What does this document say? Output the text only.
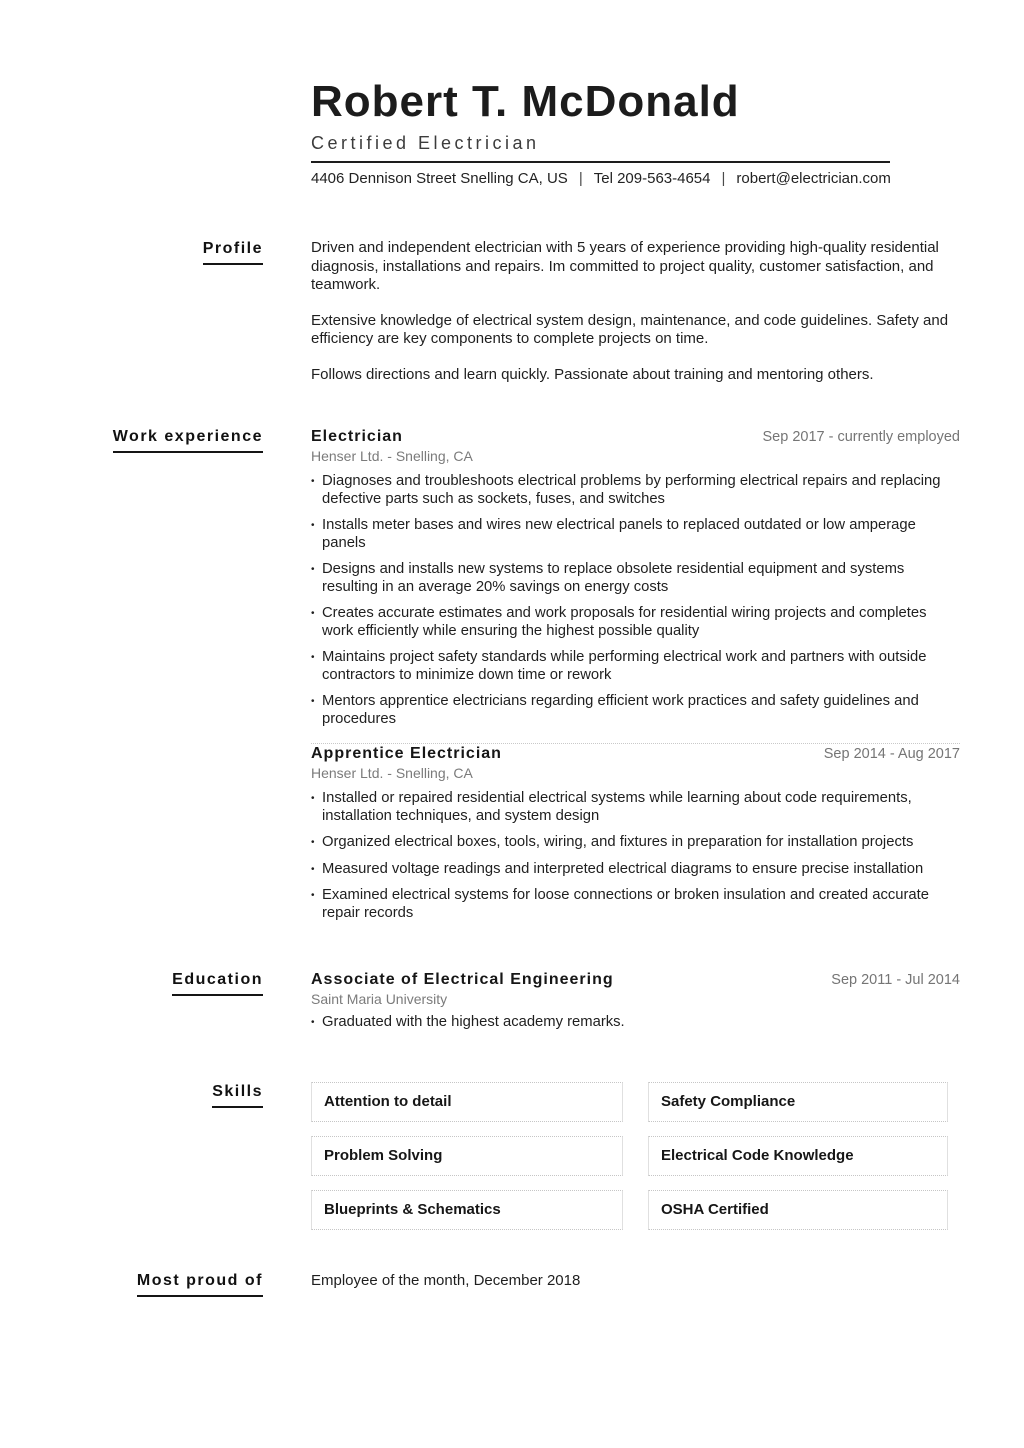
Robert T. McDonald
Certified Electrician
4406 Dennison Street Snelling CA, US | Tel 209-563-4654 | robert@electrician.com
Profile	Driven and independent electrician with 5 years of experience providing high-quality residential diagnosis, installations and repairs. Im committed to project quality, customer satisfaction, and teamwork.
Extensive knowledge of electrical system design, maintenance, and code guidelines. Safety and efficiency are key components to complete projects on time.
Follows directions and learn quickly. Passionate about training and mentoring others.
Work experience	Electrician	Sep 2017 - currently employed
Henser Ltd. - Snelling, CA
• Diagnoses and troubleshoots electrical problems by performing electrical repairs and replacing defective parts such as sockets, fuses, and switches
• Installs meter bases and wires new electrical panels to replaced outdated or low amperage panels
• Designs and installs new systems to replace obsolete residential equipment and systems resulting in an average 20% savings on energy costs
• Creates accurate estimates and work proposals for residential wiring projects and completes work efficiently while ensuring the highest possible quality
• Maintains project safety standards while performing electrical work and partners with outside contractors to minimize down time or rework
• Mentors apprentice electricians regarding efficient work practices and safety guidelines and procedures
Apprentice Electrician	Sep 2014 - Aug 2017
Henser Ltd. - Snelling, CA
• Installed or repaired residential electrical systems while learning about code requirements, installation techniques, and system design
• Organized electrical boxes, tools, wiring, and fixtures in preparation for installation projects
• Measured voltage readings and interpreted electrical diagrams to ensure precise installation
• Examined electrical systems for loose connections or broken insulation and created accurate repair records
Education	Associate of Electrical Engineering	Sep 2011 - Jul 2014
Saint Maria University
• Graduated with the highest academy remarks.
Skills
Attention to detail	Safety Compliance
Problem Solving	Electrical Code Knowledge
Blueprints & Schematics	OSHA Certified
Most proud of	Employee of the month, December 2018
